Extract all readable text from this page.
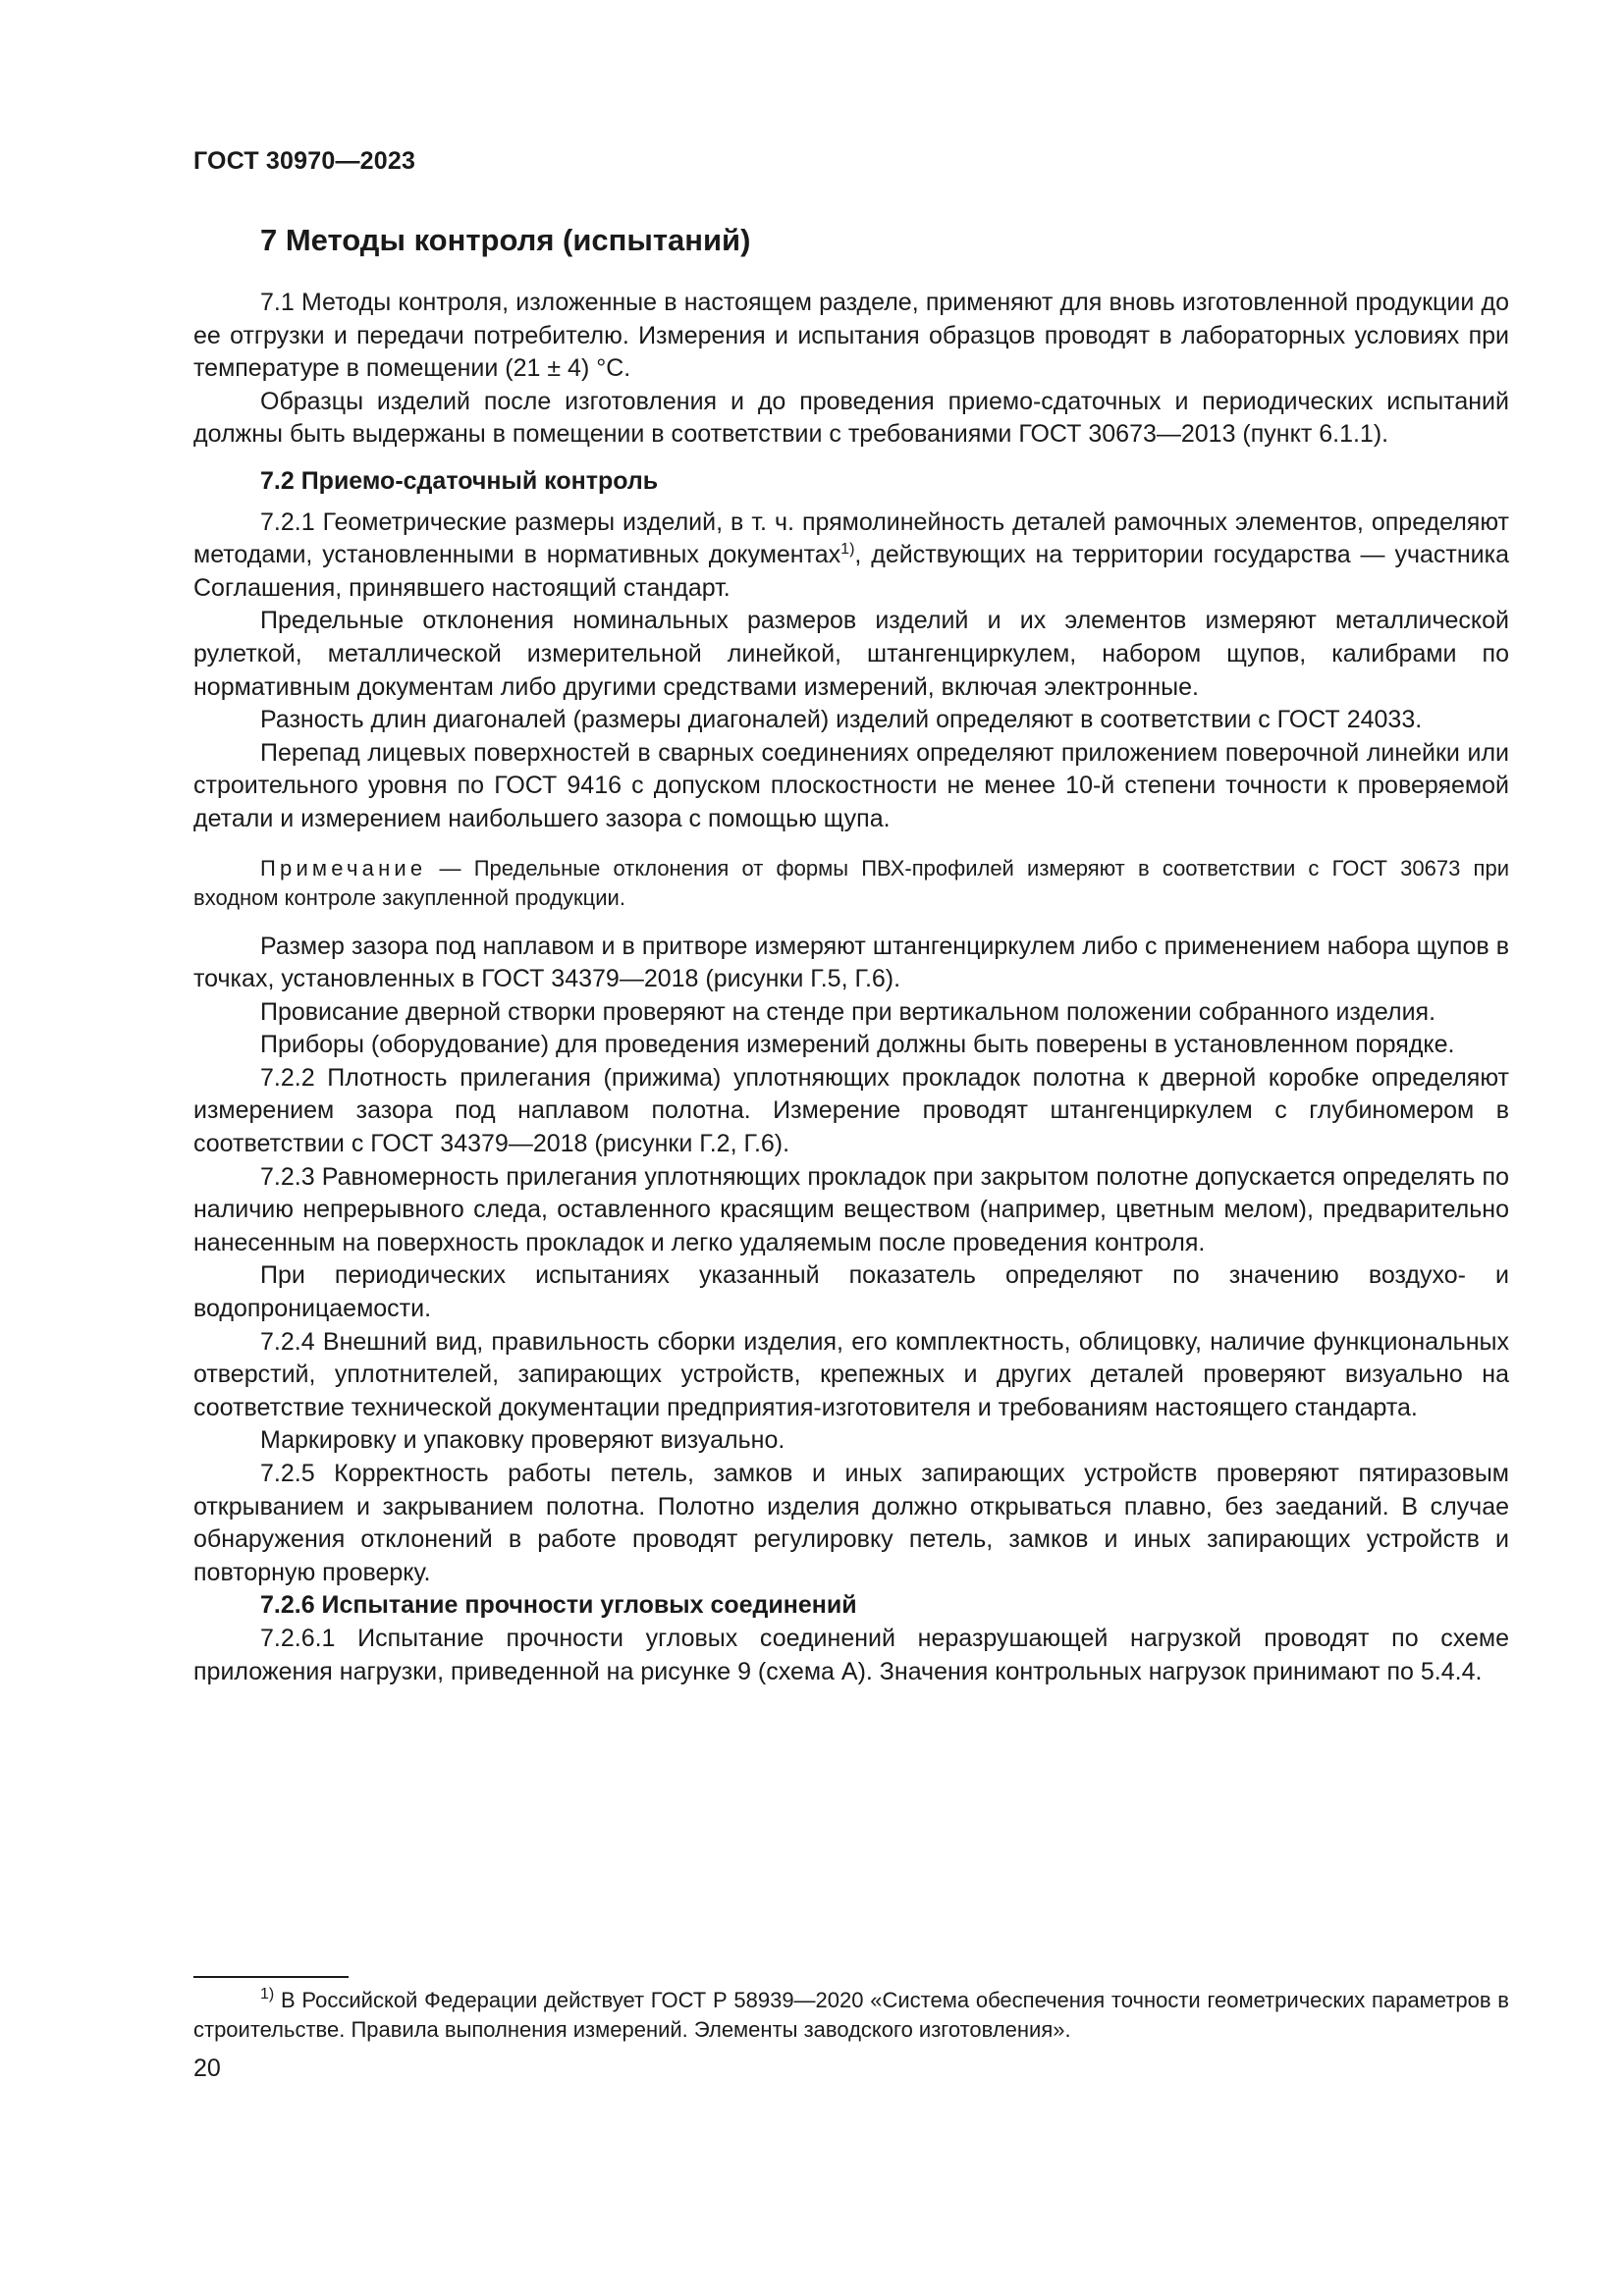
ГОСТ 30970—2023
7 Методы контроля (испытаний)

7.1 Методы контроля, изложенные в настоящем разделе, применяют для вновь изготовленной продукции до ее отгрузки и передачи потребителю. Измерения и испытания образцов проводят в лабораторных условиях при температуре в помещении (21 ± 4) °С.

Образцы изделий после изготовления и до проведения приемо-сдаточных и периодических испытаний должны быть выдержаны в помещении в соответствии с требованиями ГОСТ 30673—2013 (пункт 6.1.1).

7.2 Приемо-сдаточный контроль

7.2.1 Геометрические размеры изделий, в т. ч. прямолинейность деталей рамочных элементов, определяют методами, установленными в нормативных документах$^{1)}$, действующих на территории государства — участника Соглашения, принявшего настоящий стандарт.

Предельные отклонения номинальных размеров изделий и их элементов измеряют металлической рулеткой, металлической измерительной линейкой, штангенциркулем, набором щупов, калибрами по нормативным документам либо другими средствами измерений, включая электронные.

Разность длин диагоналей (размеры диагоналей) изделий определяют в соответствии с ГОСТ 24033.

Перепад лицевых поверхностей в сварных соединениях определяют приложением поверочной линейки или строительного уровня по ГОСТ 9416 с допуском плоскостности не менее 10-й степени точности к проверяемой детали и измерением наибольшего зазора с помощью щупа.

Примечание — Предельные отклонения от формы ПВХ-профилей измеряют в соответствии с ГОСТ 30673 при входном контроле закупленной продукции.

Размер зазора под наплавом и в притворе измеряют штангенциркулем либо с применением набора щупов в точках, установленных в ГОСТ 34379—2018 (рисунки Г.5, Г.6).

Провисание дверной створки проверяют на стенде при вертикальном положении собранного изделия.

Приборы (оборудование) для проведения измерений должны быть поверены в установленном порядке.

7.2.2 Плотность прилегания (прижима) уплотняющих прокладок полотна к дверной коробке определяют измерением зазора под наплавом полотна. Измерение проводят штангенциркулем с глубиномером в соответствии с ГОСТ 34379—2018 (рисунки Г.2, Г.6).

7.2.3 Равномерность прилегания уплотняющих прокладок при закрытом полотне допускается определять по наличию непрерывного следа, оставленного красящим веществом (например, цветным мелом), предварительно нанесенным на поверхность прокладок и легко удаляемым после проведения контроля.

При периодических испытаниях указанный показатель определяют по значению воздухо- и водопроницаемости.

7.2.4 Внешний вид, правильность сборки изделия, его комплектность, облицовку, наличие функциональных отверстий, уплотнителей, запирающих устройств, крепежных и других деталей проверяют визуально на соответствие технической документации предприятия-изготовителя и требованиям настоящего стандарта.

Маркировку и упаковку проверяют визуально.

7.2.5 Корректность работы петель, замков и иных запирающих устройств проверяют пятиразовым открыванием и закрыванием полотна. Полотно изделия должно открываться плавно, без заеданий. В случае обнаружения отклонений в работе проводят регулировку петель, замков и иных запирающих устройств и повторную проверку.

7.2.6 Испытание прочности угловых соединений

7.2.6.1 Испытание прочности угловых соединений неразрушающей нагрузкой проводят по схеме приложения нагрузки, приведенной на рисунке 9 (схема А). Значения контрольных нагрузок принимают по 5.4.4.

$^{1)}$ В Российской Федерации действует ГОСТ Р 58939—2020 «Система обеспечения точности геометрических параметров в строительстве. Правила выполнения измерений. Элементы заводского изготовления».
20
